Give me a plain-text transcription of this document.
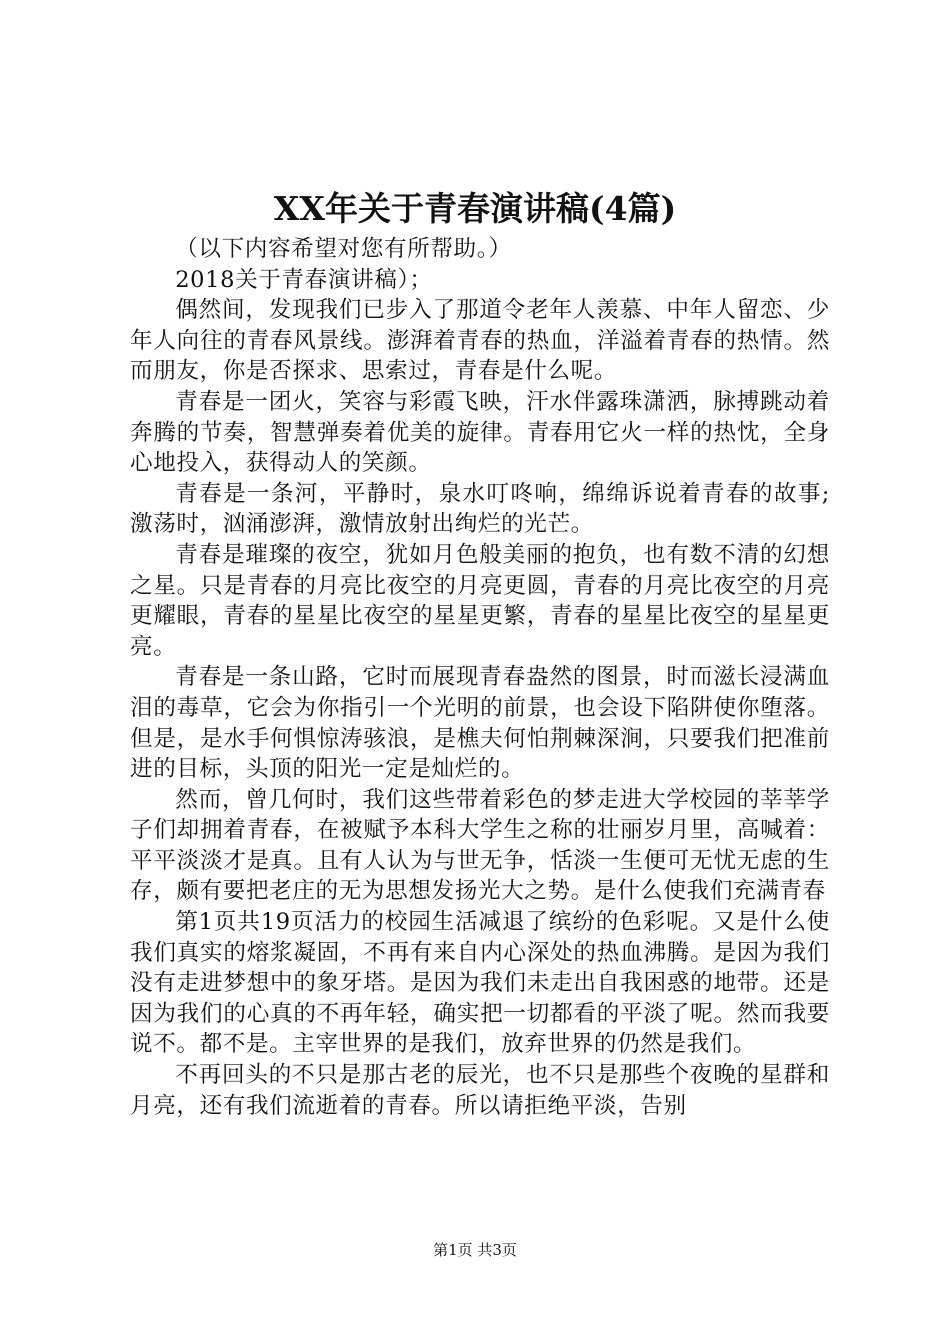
XX年关于青春演讲稿(4篇)

（以下内容希望对您有所帮助。）

2018关于青春演讲稿）；

偶然间，发现我们已步入了那道令老年人羡慕、中年人留恋、少年人向往的青春风景线。澎湃着青春的热血，洋溢着青春的热情。然而朋友，你是否探求、思索过，青春是什么呢。

青春是一团火，笑容与彩霞飞映，汗水伴露珠潇洒，脉搏跳动着奔腾的节奏，智慧弹奏着优美的旋律。青春用它火一样的热忱，全身心地投入，获得动人的笑颜。

青春是一条河，平静时，泉水叮咚响，绵绵诉说着青春的故事;激荡时，汹涌澎湃，激情放射出绚烂的光芒。

青春是璀璨的夜空，犹如月色般美丽的抱负，也有数不清的幻想之星。只是青春的月亮比夜空的月亮更圆，青春的月亮比夜空的月亮更耀眼，青春的星星比夜空的星星更繁，青春的星星比夜空的星星更亮。

青春是一条山路，它时而展现青春盎然的图景，时而滋长浸满血泪的毒草，它会为你指引一个光明的前景，也会设下陷阱使你堕落。但是，是水手何惧惊涛骇浪，是樵夫何怕荆棘深涧，只要我们把准前进的目标，头顶的阳光一定是灿烂的。

然而，曾几何时，我们这些带着彩色的梦走进大学校园的莘莘学子们却拥着青春，在被赋予本科大学生之称的壮丽岁月里，高喊着：平平淡淡才是真。且有人认为与世无争，恬淡一生便可无忧无虑的生存，颇有要把老庄的无为思想发扬光大之势。是什么使我们充满青春

第1页共19页活力的校园生活减退了缤纷的色彩呢。又是什么使我们真实的熔浆凝固，不再有来自内心深处的热血沸腾。是因为我们没有走进梦想中的象牙塔。是因为我们未走出自我困惑的地带。还是因为我们的心真的不再年轻，确实把一切都看的平淡了呢。然而我要说不。都不是。主宰世界的是我们，放弃世界的仍然是我们。

不再回头的不只是那古老的辰光，也不只是那些个夜晚的星群和月亮，还有我们流逝着的青春。所以请拒绝平淡，告别

第1页 共3页
